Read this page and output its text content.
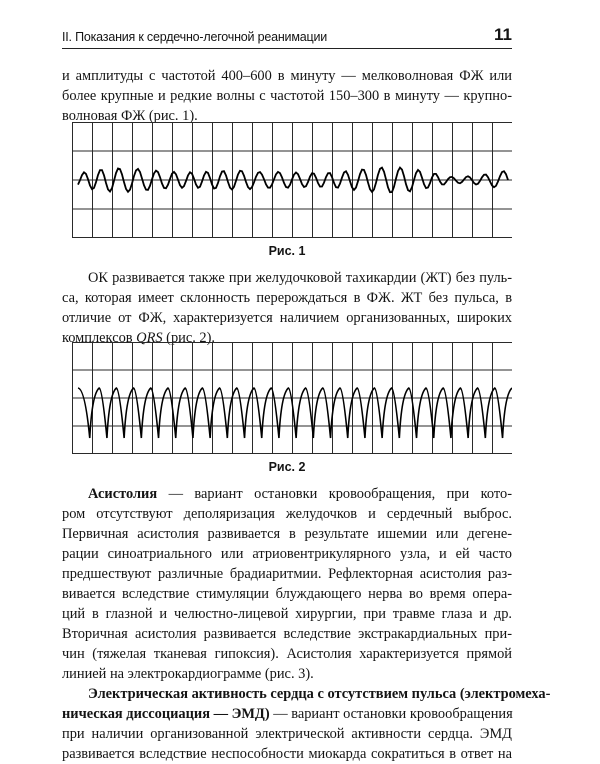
II. Показания к сердечно-легочной реанимации	11
и амплитуды с частотой 400–600 в минуту — мелковолновая ФЖ или
более крупные и редкие волны с частотой 150–300 в минуту — крупно-
волновая ФЖ (рис. 1).
Рис. 1
ОК развивается также при желудочковой тахикардии (ЖТ) без пуль-
са, которая имеет склонность перерождаться в ФЖ. ЖТ без пульса, в
отличие от ФЖ, характеризуется наличием организованных, широких
комплексов QRS (рис. 2).
Рис. 2
Асистолия — вариант остановки кровообращения, при кото-
ром отсутствуют деполяризация желудочков и сердечный выброс.
Первичная асистолия развивается в результате ишемии или дегене-
рации синоатриального или атриовентрикулярного узла, и ей часто
предшествуют различные брадиаритмии. Рефлекторная асистолия раз-
вивается вследствие стимуляции блуждающего нерва во время опера-
ций в глазной и челюстно-лицевой хирургии, при травме глаза и др.
Вторичная асистолия развивается вследствие экстракардиальных при-
чин (тяжелая тканевая гипоксия). Асистолия характеризуется прямой
линией на электрокардиограмме (рис. 3).
Электрическая активность сердца с отсутствием пульса (электромеха-
ническая диссоциация — ЭМД) — вариант остановки кровообращения
при наличии организованной электрической активности сердца. ЭМД
развивается вследствие неспособности миокарда сократиться в ответ на
